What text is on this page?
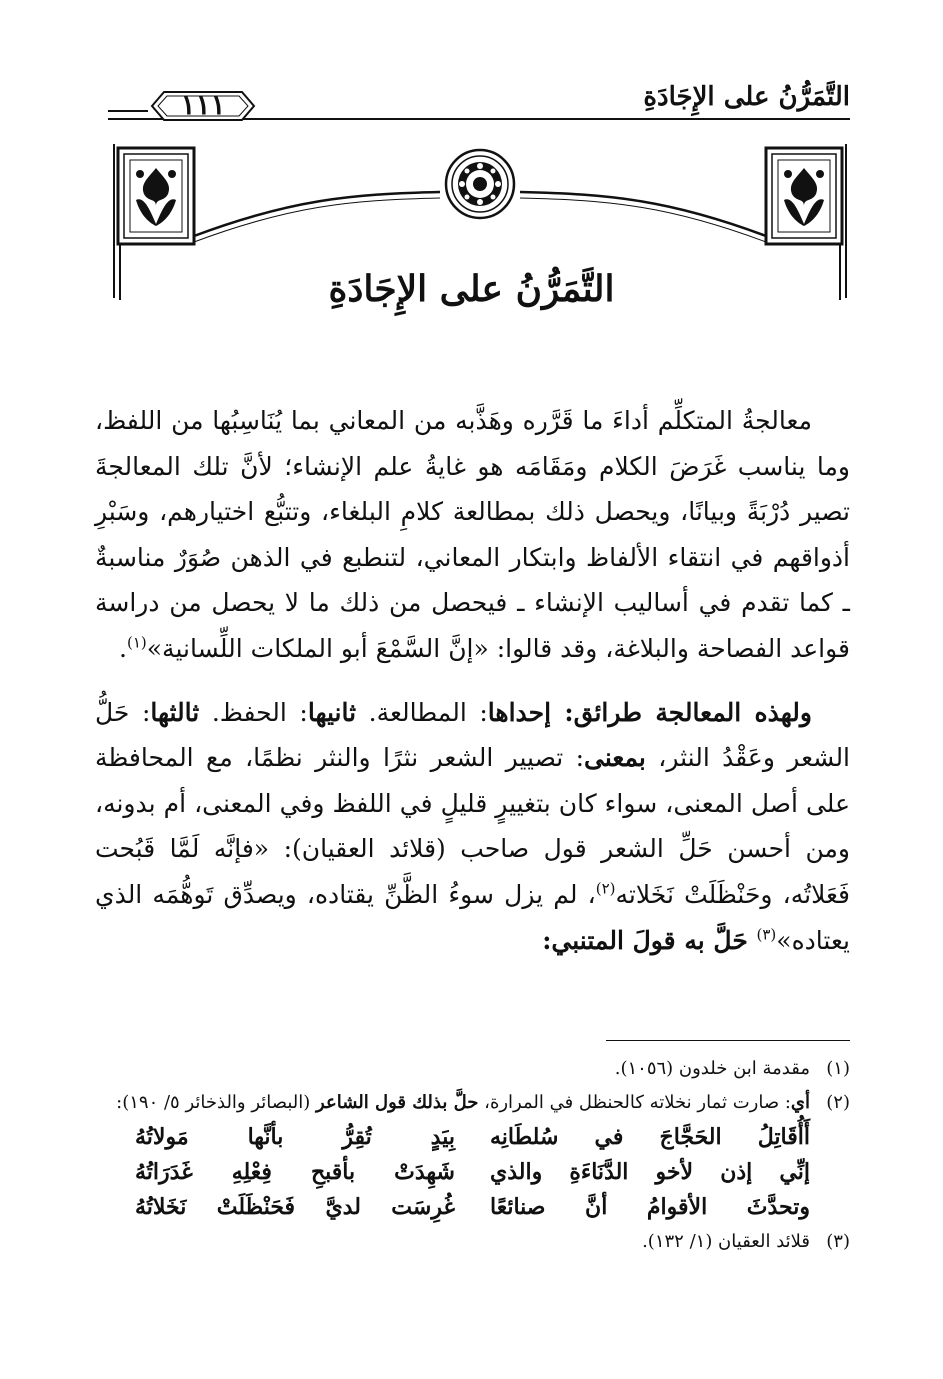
التَّمَرُّنُ على الإِجَادَةِ
١١١
التَّمَرُّنُ على الإِجَادَةِ

معالجةُ المتكلِّم أداءَ ما قَرَّره وهَذَّبه من المعاني بما يُنَاسِبُها من اللفظ، وما يناسب غَرَضَ الكلام ومَقَامَه هو غايةُ علم الإنشاء؛ لأنَّ تلك المعالجةَ تصير دُرْبَةً وبيانًا، ويحصل ذلك بمطالعة كلامِ البلغاء، وتتبُّع اختيارهم، وسَبْرِ أذواقهم في انتقاء الألفاظ وابتكار المعاني، لتنطبع في الذهن صُوَرٌ مناسبةٌ ـ كما تقدم في أساليب الإنشاء ـ فيحصل من ذلك ما لا يحصل من دراسة قواعد الفصاحة والبلاغة، وقد قالوا: «إنَّ السَّمْعَ أبو الملكات اللِّسانية»$^{(١)}$.

ولهذه المعالجة طرائق: إحداها: المطالعة. ثانيها: الحفظ. ثالثها: حَلُّ الشعر وعَقْدُ النثر، بمعنى: تصيير الشعر نثرًا والنثر نظمًا، مع المحافظة على أصل المعنى، سواء كان بتغييرٍ قليلٍ في اللفظ وفي المعنى، أم بدونه، ومن أحسن حَلِّ الشعر قول صاحب (قلائد العقيان): «فإنَّه لَمَّا قَبُحت فَعَلاتُه، وحَنْظَلَتْ نَخَلاته$^{(٢)}$، لم يزل سوءُ الظَّنِّ يقتاده، ويصدِّق تَوهُّمَه الذي يعتاده»$^{(٣)}$ حَلَّ به قولَ المتنبي:

(١)
مقدمة ابن خلدون (١٠٥٦).
(٢)
أي: صارت ثمار نخلاته كالحنظل في المرارة، حلَّ بذلك قول الشاعر (البصائر والذخائر ٥/ ١٩٠):
أَأُقَاتِلُ الحَجَّاجَ في سُلطَانِه
بِيَدٍ تُقِرُّ بأنَّها مَولاتُهُ
إنِّي إذن لأخو الدَّنَاءَةِ والذي
شَهِدَتْ بأقبحِ فِعْلِهِ غَدَرَاتُهُ
وتحدَّثَ الأقوامُ أنَّ صنائعًا
غُرِسَت لديَّ فَحَنْظَلَتْ نَخَلاتُهُ
(٣)
قلائد العقيان (١/ ١٣٢).
